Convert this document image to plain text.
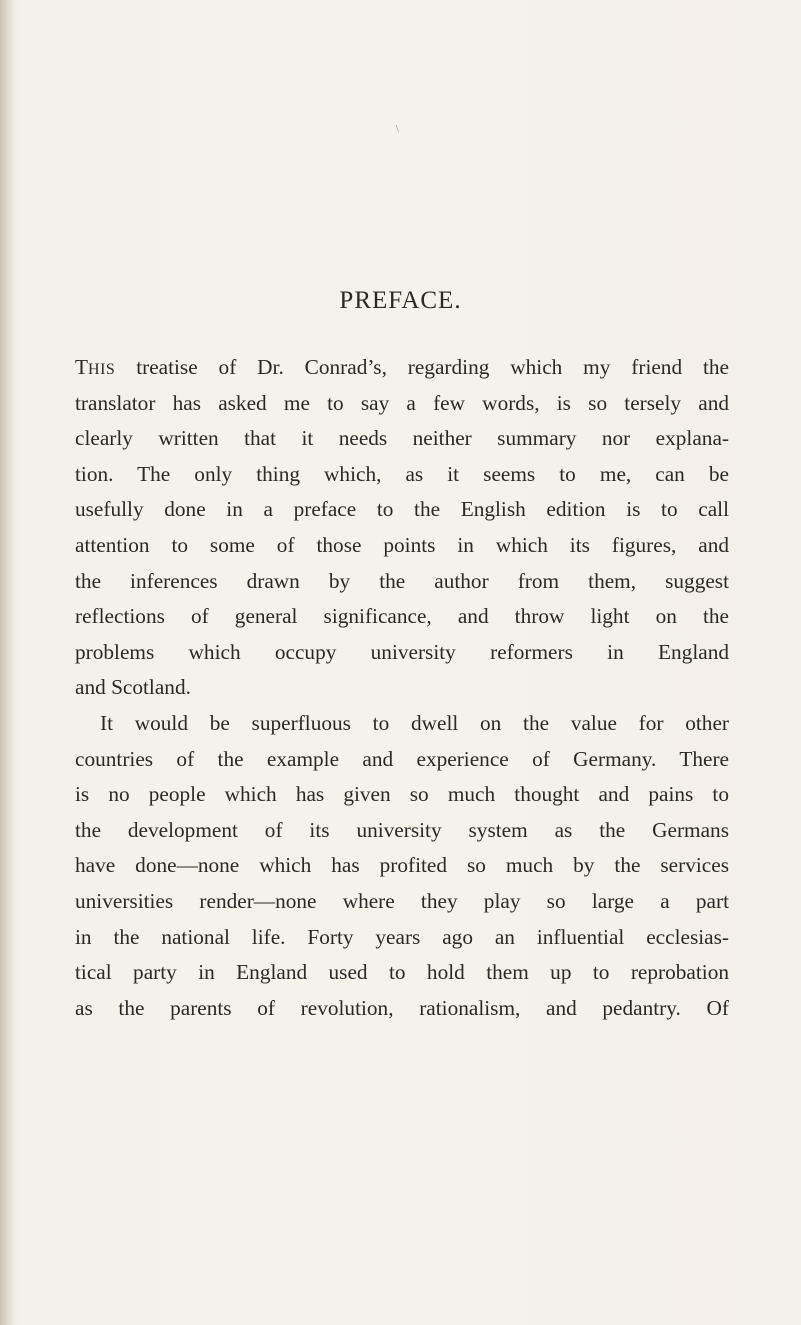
\
PREFACE.
THIS treatise of Dr. Conrad’s, regarding which my friend the
translator has asked me to say a few words, is so tersely and
clearly written that it needs neither summary nor explana-
tion. The only thing which, as it seems to me, can be
usefully done in a preface to the English edition is to call
attention to some of those points in which its figures, and
the inferences drawn by the author from them, suggest
reflections of general significance, and throw light on the
problems which occupy university reformers in England
and Scotland.
It would be superfluous to dwell on the value for other
countries of the example and experience of Germany. There
is no people which has given so much thought and pains to
the development of its university system as the Germans
have done—none which has profited so much by the services
universities render—none where they play so large a part
in the national life. Forty years ago an influential ecclesias-
tical party in England used to hold them up to reprobation
as the parents of revolution, rationalism, and pedantry. Of
